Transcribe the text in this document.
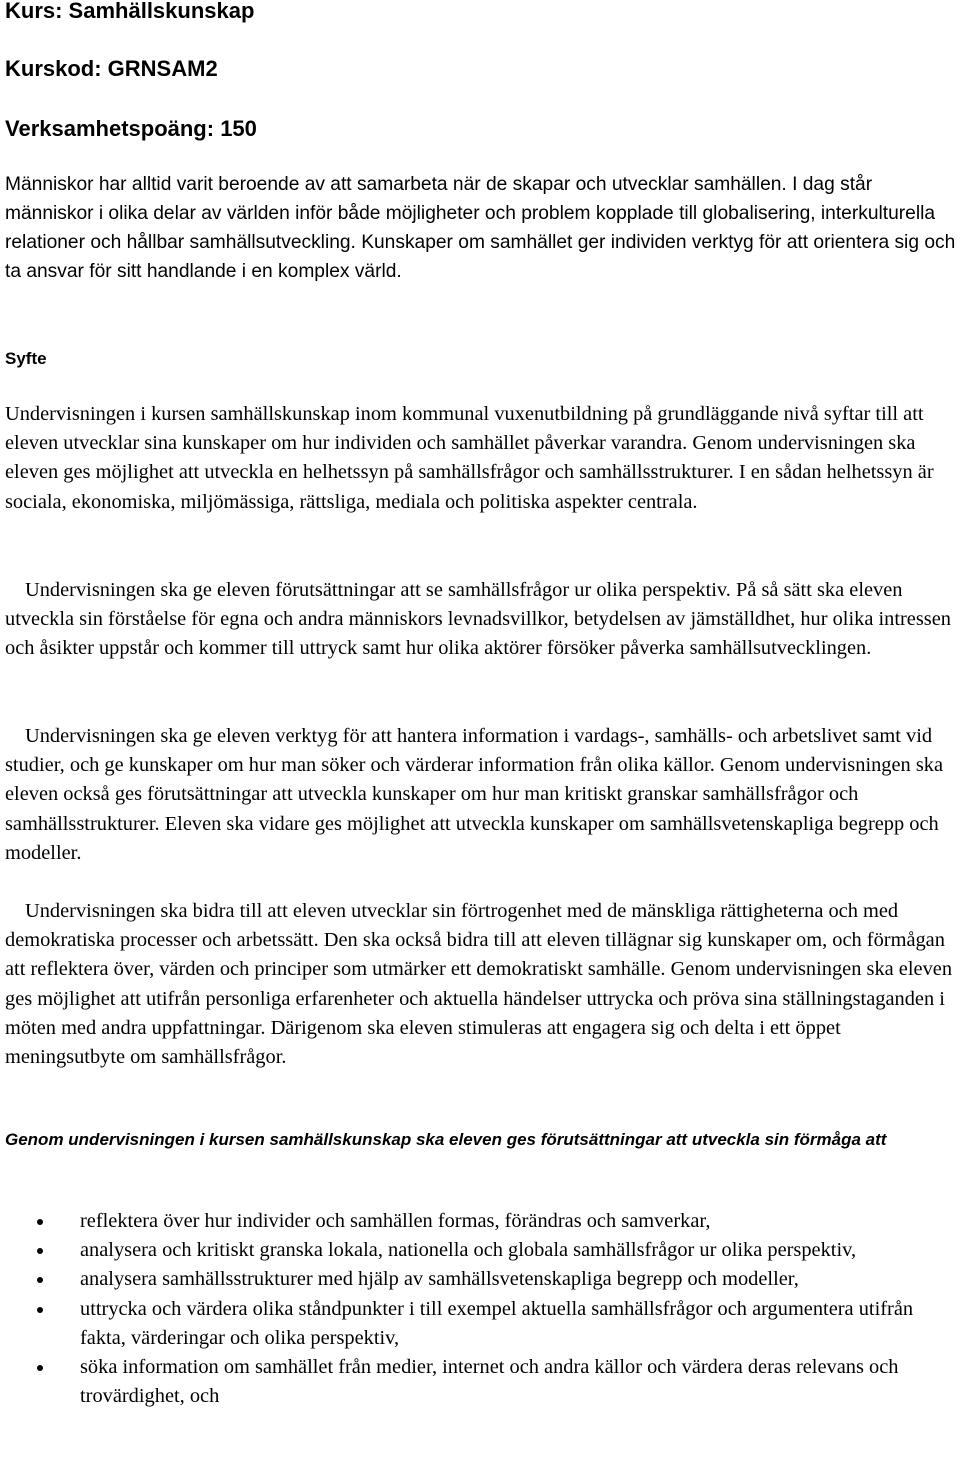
Kurs: Samhällskunskap
Kurskod: GRNSAM2
Verksamhetspoäng: 150

Människor har alltid varit beroende av att samarbeta när de skapar och utvecklar samhällen. I dag står människor i olika delar av världen inför både möjligheter och problem kopplade till globalisering, interkulturella relationer och hållbar samhällsutveckling. Kunskaper om samhället ger individen verktyg för att orientera sig och ta ansvar för sitt handlande i en komplex värld.

Syfte

Undervisningen i kursen samhällskunskap inom kommunal vuxenutbildning på grundläggande nivå syftar till att eleven utvecklar sina kunskaper om hur individen och samhället påverkar varandra. Genom undervisningen ska eleven ges möjlighet att utveckla en helhetssyn på samhällsfrågor och samhällsstrukturer. I en sådan helhetssyn är sociala, ekonomiska, miljömässiga, rättsliga, mediala och politiska aspekter centrala.

Undervisningen ska ge eleven förutsättningar att se samhällsfrågor ur olika perspektiv. På så sätt ska eleven utveckla sin förståelse för egna och andra människors levnadsvillkor, betydelsen av jämställdhet, hur olika intressen och åsikter uppstår och kommer till uttryck samt hur olika aktörer försöker påverka samhällsutvecklingen.

Undervisningen ska ge eleven verktyg för att hantera information i vardags-, samhälls- och arbetslivet samt vid studier, och ge kunskaper om hur man söker och värderar information från olika källor. Genom undervisningen ska eleven också ges förutsättningar att utveckla kunskaper om hur man kritiskt granskar samhällsfrågor och samhällsstrukturer. Eleven ska vidare ges möjlighet att utveckla kunskaper om samhällsvetenskapliga begrepp och modeller.

Undervisningen ska bidra till att eleven utvecklar sin förtrogenhet med de mänskliga rättigheterna och med demokratiska processer och arbetssätt. Den ska också bidra till att eleven tillägnar sig kunskaper om, och förmågan att reflektera över, värden och principer som utmärker ett demokratiskt samhälle. Genom undervisningen ska eleven ges möjlighet att utifrån personliga erfarenheter och aktuella händelser uttrycka och pröva sina ställningstaganden i möten med andra uppfattningar. Därigenom ska eleven stimuleras att engagera sig och delta i ett öppet meningsutbyte om samhällsfrågor.

Genom undervisningen i kursen samhällskunskap ska eleven ges förutsättningar att utveckla sin förmåga att
reflektera över hur individer och samhällen formas, förändras och samverkar,
analysera och kritiskt granska lokala, nationella och globala samhällsfrågor ur olika perspektiv,
analysera samhällsstrukturer med hjälp av samhällsvetenskapliga begrepp och modeller,
uttrycka och värdera olika ståndpunkter i till exempel aktuella samhällsfrågor och argumentera utifrån fakta, värderingar och olika perspektiv,
söka information om samhället från medier, internet och andra källor och värdera deras relevans och trovärdighet, och
